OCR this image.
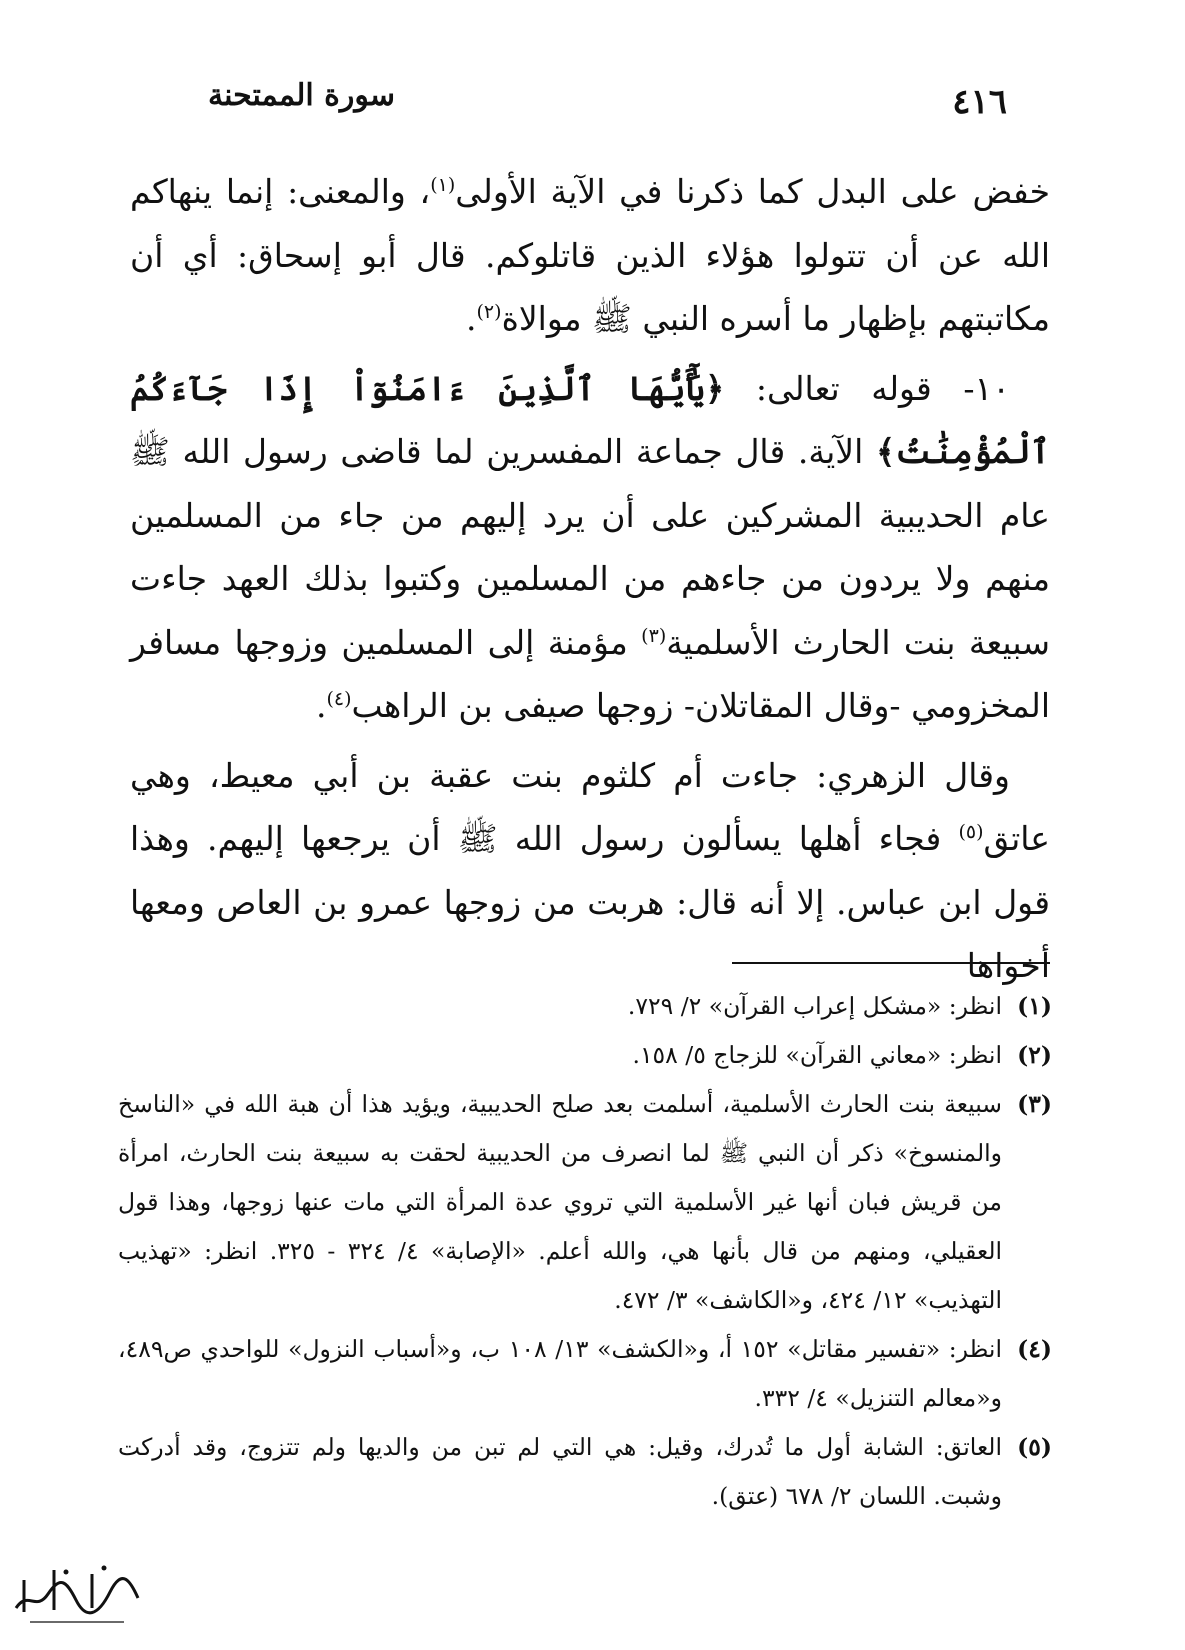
٤١٦
سورة الممتحنة

خفض على البدل كما ذكرنا في الآية الأولى$^{(١)}$، والمعنى: إنما ينهاكم الله عن أن تتولوا هؤلاء الذين قاتلوكم. قال أبو إسحاق: أي أن مكاتبتهم بإظهار ما أسره النبي ﷺ موالاة$^{(٢)}$.

١٠- قوله تعالى: ﴿يَٰٓأَيُّهَا ٱلَّذِينَ ءَامَنُوٓاْ إِذَا جَآءَكُمُ ٱلْمُؤْمِنَٰتُ﴾ الآية. قال جماعة المفسرين لما قاضى رسول الله ﷺ عام الحديبية المشركين على أن يرد إليهم من جاء من المسلمين منهم ولا يردون من جاءهم من المسلمين وكتبوا بذلك العهد جاءت سبيعة بنت الحارث الأسلمية$^{(٣)}$ مؤمنة إلى المسلمين وزوجها مسافر المخزومي -وقال المقاتلان- زوجها صيفى بن الراهب$^{(٤)}$.

وقال الزهري: جاءت أم كلثوم بنت عقبة بن أبي معيط، وهي عاتق$^{(٥)}$ فجاء أهلها يسألون رسول الله ﷺ أن يرجعها إليهم. وهذا قول ابن عباس. إلا أنه قال: هربت من زوجها عمرو بن العاص ومعها أخواها

(١)
انظر: «مشكل إعراب القرآن» ٢/ ٧٢٩.
(٢)
انظر: «معاني القرآن» للزجاج ٥/ ١٥٨.
(٣)
سبيعة بنت الحارث الأسلمية، أسلمت بعد صلح الحديبية، ويؤيد هذا أن هبة الله في «الناسخ والمنسوخ» ذكر أن النبي ﷺ لما انصرف من الحديبية لحقت به سبيعة بنت الحارث، امرأة من قريش فبان أنها غير الأسلمية التي تروي عدة المرأة التي مات عنها زوجها، وهذا قول العقيلي، ومنهم من قال بأنها هي، والله أعلم. «الإصابة» ٤/ ٣٢٤ - ٣٢٥. انظر: «تهذيب التهذيب» ١٢/ ٤٢٤، و«الكاشف» ٣/ ٤٧٢.
(٤)
انظر: «تفسير مقاتل» ١٥٢ أ، و«الكشف» ١٣/ ١٠٨ ب، و«أسباب النزول» للواحدي ص٤٨٩، و«معالم التنزيل» ٤/ ٣٣٢.
(٥)
العاتق: الشابة أول ما تُدرك، وقيل: هي التي لم تبن من والديها ولم تتزوج، وقد أدركت وشبت. اللسان ٢/ ٦٧٨ (عتق).
